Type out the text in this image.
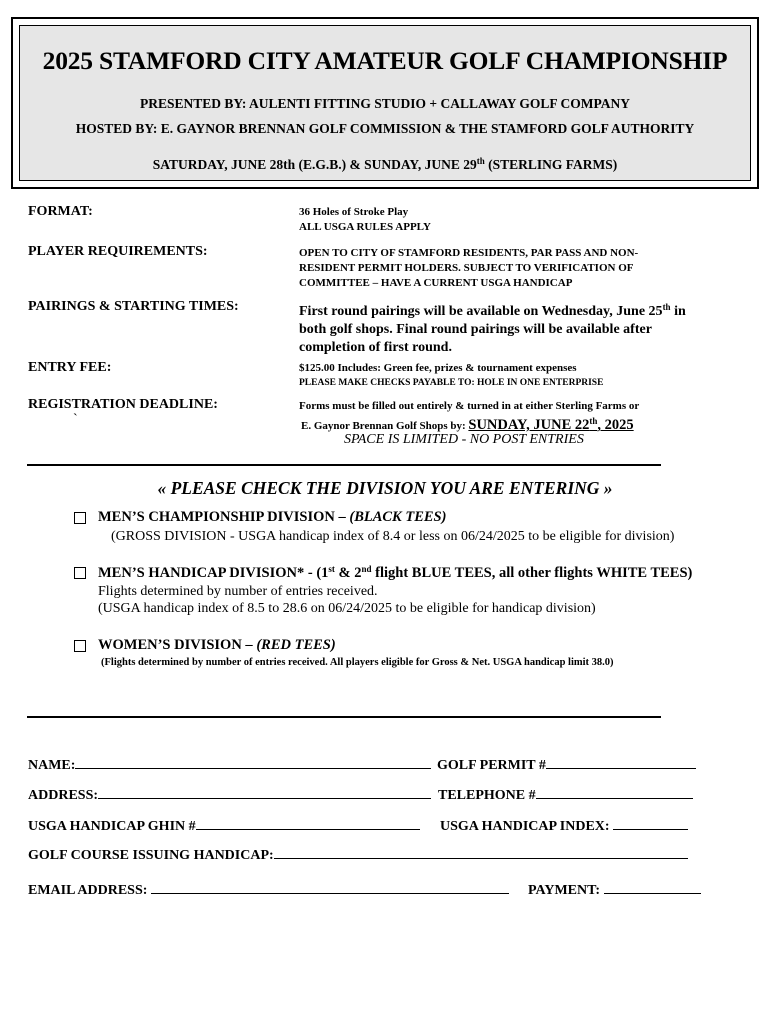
2025 STAMFORD CITY AMATEUR GOLF CHAMPIONSHIP
PRESENTED BY: AULENTI FITTING STUDIO + CALLAWAY GOLF COMPANY
HOSTED BY: E. GAYNOR BRENNAN GOLF COMMISSION & THE STAMFORD GOLF AUTHORITY
SATURDAY, JUNE 28th (E.G.B.) & SUNDAY, JUNE 29th (STERLING FARMS)
FORMAT:	36 Holes of Stroke Play
ALL USGA RULES APPLY
PLAYER REQUIREMENTS:	OPEN TO CITY OF STAMFORD RESIDENTS, PAR PASS AND NON-
RESIDENT PERMIT HOLDERS. SUBJECT TO VERIFICATION OF
COMMITTEE – HAVE A CURRENT USGA HANDICAP
PAIRINGS & STARTING TIMES:	First round pairings will be available on Wednesday, June 25th in
both golf shops. Final round pairings will be available after
completion of first round.
ENTRY FEE:	$125.00 Includes: Green fee, prizes & tournament expenses
PLEASE MAKE CHECKS PAYABLE TO: HOLE IN ONE ENTERPRISE
REGISTRATION DEADLINE:
`
Forms must be filled out entirely & turned in at either Sterling Farms or
E. Gaynor Brennan Golf Shops by: SUNDAY, JUNE 22th, 2025
SPACE IS LIMITED - NO POST ENTRIES
« PLEASE CHECK THE DIVISION YOU ARE ENTERING »
MEN’S CHAMPIONSHIP DIVISION – (BLACK TEES)
(GROSS DIVISION - USGA handicap index of 8.4 or less on 06/24/2025 to be eligible for division)
MEN’S HANDICAP DIVISION* - (1st & 2nd flight BLUE TEES, all other flights WHITE TEES)
Flights determined by number of entries received.
(USGA handicap index of 8.5 to 28.6 on 06/24/2025 to be eligible for handicap division)
WOMEN’S DIVISION – (RED TEES)
(Flights determined by number of entries received. All players eligible for Gross & Net. USGA handicap limit 38.0)
NAME:	GOLF PERMIT #
ADDRESS:	TELEPHONE #
USGA HANDICAP GHIN #	USGA HANDICAP INDEX:
GOLF COURSE ISSUING HANDICAP:
EMAIL ADDRESS:	PAYMENT:
